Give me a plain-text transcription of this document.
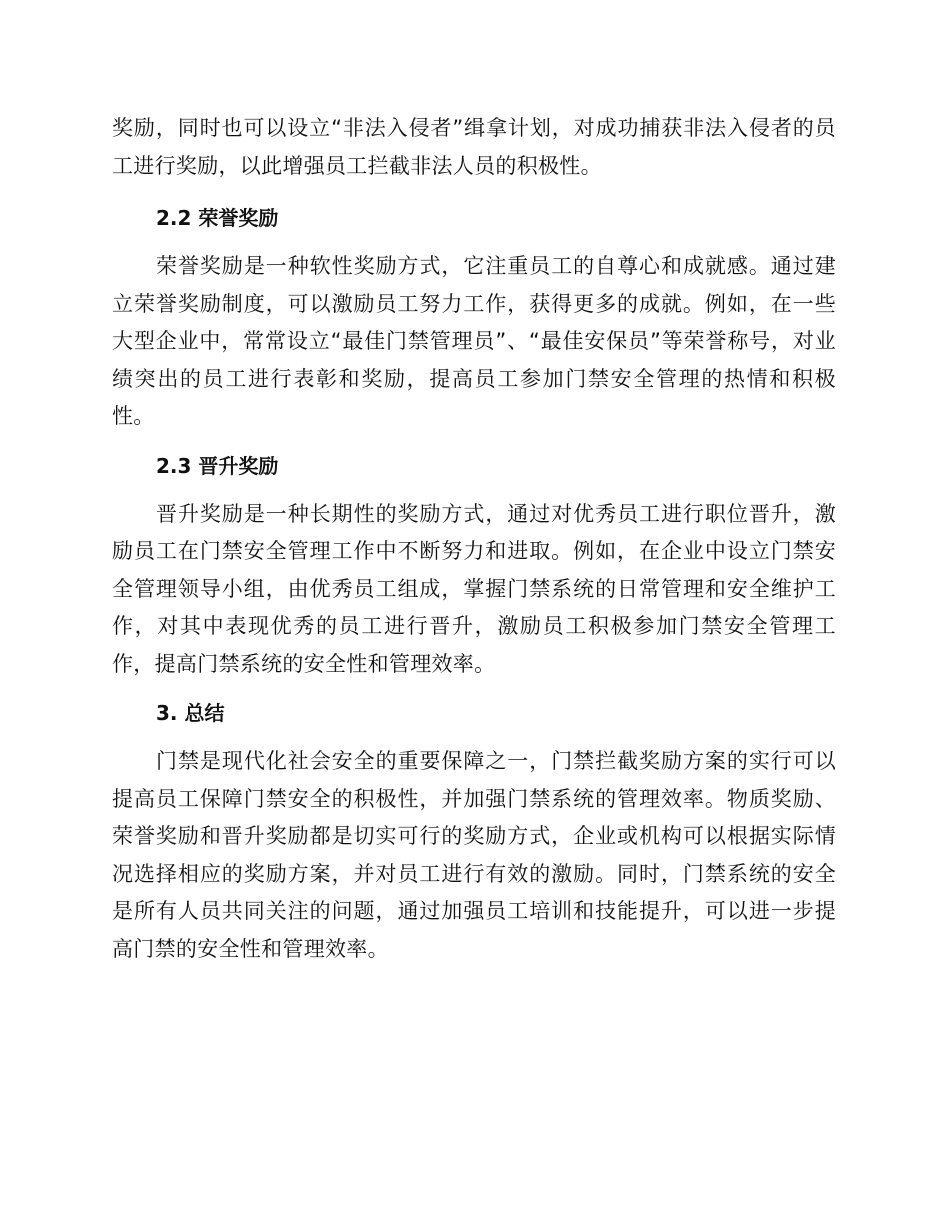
奖励，同时也可以设立“非法入侵者”缉拿计划，对成功捕获非法入侵者的员工进行奖励，以此增强员工拦截非法人员的积极性。

2.2 荣誉奖励

荣誉奖励是一种软性奖励方式，它注重员工的自尊心和成就感。通过建立荣誉奖励制度，可以激励员工努力工作，获得更多的成就。例如，在一些大型企业中，常常设立“最佳门禁管理员”、“最佳安保员”等荣誉称号，对业绩突出的员工进行表彰和奖励，提高员工参加门禁安全管理的热情和积极性。

2.3 晋升奖励

晋升奖励是一种长期性的奖励方式，通过对优秀员工进行职位晋升，激励员工在门禁安全管理工作中不断努力和进取。例如，在企业中设立门禁安全管理领导小组，由优秀员工组成，掌握门禁系统的日常管理和安全维护工作，对其中表现优秀的员工进行晋升，激励员工积极参加门禁安全管理工作，提高门禁系统的安全性和管理效率。

3. 总结

门禁是现代化社会安全的重要保障之一，门禁拦截奖励方案的实行可以提高员工保障门禁安全的积极性，并加强门禁系统的管理效率。物质奖励、荣誉奖励和晋升奖励都是切实可行的奖励方式，企业或机构可以根据实际情况选择相应的奖励方案，并对员工进行有效的激励。同时，门禁系统的安全是所有人员共同关注的问题，通过加强员工培训和技能提升，可以进一步提高门禁的安全性和管理效率。
